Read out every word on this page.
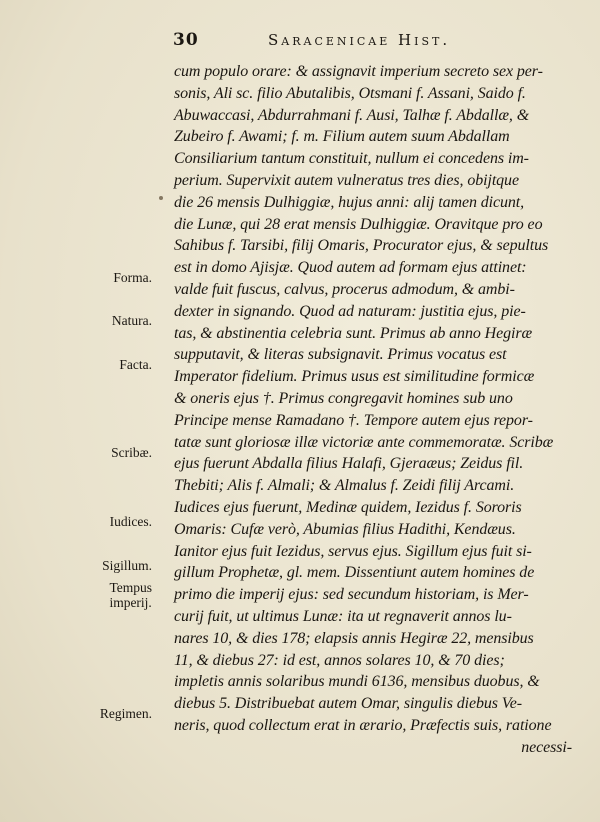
30	Saracenicae Hist.
Forma.
Natura.
Facta.
Scribæ.
Iudices.
Sigillum.
Tempus
imperij.
Regimen.
cum populo orare: & assignavit imperium secreto sex per-
sonis, Ali sc. filio Abutalibis, Otsmani f. Assani, Saido f.
Abuwaccasi, Abdurrahmani f. Ausi, Talhæ f. Abdallæ, &
Zubeiro f. Awami; f. m. Filium autem suum Abdallam
Consiliarium tantum constituit, nullum ei concedens im-
perium. Supervixit autem vulneratus tres dies, obijtque
die 26 mensis Dulhiggiæ, hujus anni: alij tamen dicunt,
die Lunæ, qui 28 erat mensis Dulhiggiæ. Oravitque pro eo
Sahibus f. Tarsibi, filij Omaris, Procurator ejus, & sepultus
est in domo Ajisjæ. Quod autem ad formam ejus attinet:
valde fuit fuscus, calvus, procerus admodum, & ambi-
dexter in signando. Quod ad naturam: justitia ejus, pie-
tas, & abstinentia celebria sunt. Primus ab anno Hegiræ
supputavit, & literas subsignavit. Primus vocatus est
Imperator fidelium. Primus usus est similitudine formicæ
& oneris ejus †. Primus congregavit homines sub uno
Principe mense Ramadano †. Tempore autem ejus repor-
tatæ sunt gloriosæ illæ victoriæ ante commemoratæ. Scribæ
ejus fuerunt Abdalla filius Halafi, Gjeraæus; Zeidus fil.
Thebiti; Alis f. Almali; & Almalus f. Zeidi filij Arcami.
Iudices ejus fuerunt, Medinæ quidem, Iezidus f. Sororis
Omaris: Cufæ verò, Abumias filius Hadithi, Kendæus.
Ianitor ejus fuit Iezidus, servus ejus. Sigillum ejus fuit si-
gillum Prophetæ, gl. mem. Dissentiunt autem homines de
primo die imperij ejus: sed secundum historiam, is Mer-
curij fuit, ut ultimus Lunæ: ita ut regnaverit annos lu-
nares 10, & dies 178; elapsis annis Hegiræ 22, mensibus
11, & diebus 27: id est, annos solares 10, & 70 dies;
impletis annis solaribus mundi 6136, mensibus duobus, &
diebus 5. Distribuebat autem Omar, singulis diebus Ve-
neris, quod collectum erat in ærario, Præfectis suis, ratione
necessi-
